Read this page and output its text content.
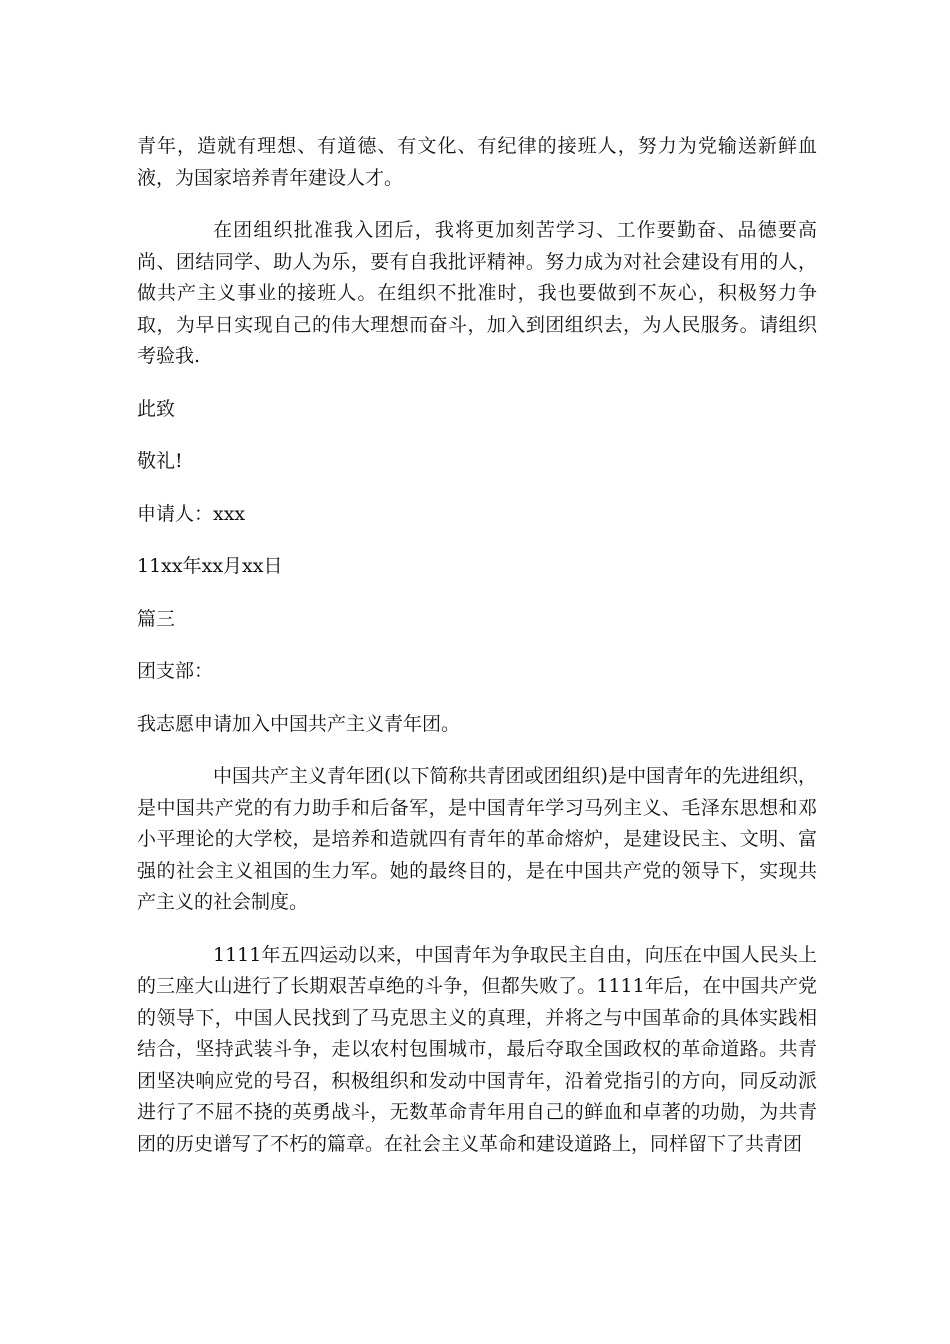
青年，造就有理想、有道德、有文化、有纪律的接班人，努力为党输送新鲜血液，为国家培养青年建设人才。

在团组织批准我入团后，我将更加刻苦学习、工作要勤奋、品德要高尚、团结同学、助人为乐，要有自我批评精神。努力成为对社会建设有用的人，做共产主义事业的接班人。在组织不批准时，我也要做到不灰心，积极努力争取，为早日实现自己的伟大理想而奋斗，加入到团组织去，为人民服务。请组织考验我.

此致

敬礼!

申请人：xxx

11xx年xx月xx日

篇三

团支部：

我志愿申请加入中国共产主义青年团。

中国共产主义青年团(以下简称共青团或团组织)是中国青年的先进组织，是中国共产党的有力助手和后备军，是中国青年学习马列主义、毛泽东思想和邓小平理论的大学校，是培养和造就四有青年的革命熔炉，是建设民主、文明、富强的社会主义祖国的生力军。她的最终目的，是在中国共产党的领导下，实现共产主义的社会制度。

1111年五四运动以来，中国青年为争取民主自由，向压在中国人民头上的三座大山进行了长期艰苦卓绝的斗争，但都失败了。1111年后，在中国共产党的领导下，中国人民找到了马克思主义的真理，并将之与中国革命的具体实践相结合，坚持武装斗争，走以农村包围城市，最后夺取全国政权的革命道路。共青团坚决响应党的号召，积极组织和发动中国青年，沿着党指引的方向，同反动派进行了不屈不挠的英勇战斗，无数革命青年用自己的鲜血和卓著的功勋，为共青团的历史谱写了不朽的篇章。在社会主义革命和建设道路上，同样留下了共青团
